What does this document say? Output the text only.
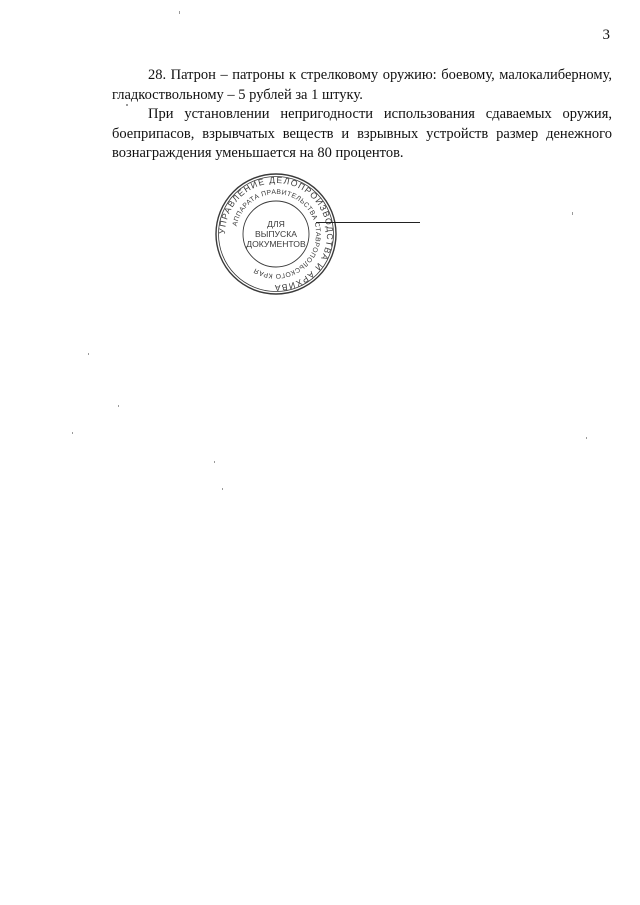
3

28. Патрон – патроны к стрелковому оружию: боевому, малокалиберному, гладкоствольному – 5 рублей за 1 штуку.

При установлении непригодности использования сдаваемых оружия, боеприпасов, взрывчатых веществ и взрывных устройств размер денежного вознаграждения уменьшается на 80 процентов.

УПРАВЛЕНИЕ ДЕЛОПРОИЗВОДСТВА И АРХИВА
АППАРАТА ПРАВИТЕЛЬСТВА СТАВРОПОЛЬСКОГО КРАЯ
ДЛЯ
ВЫПУСКА
ДОКУМЕНТОВ
